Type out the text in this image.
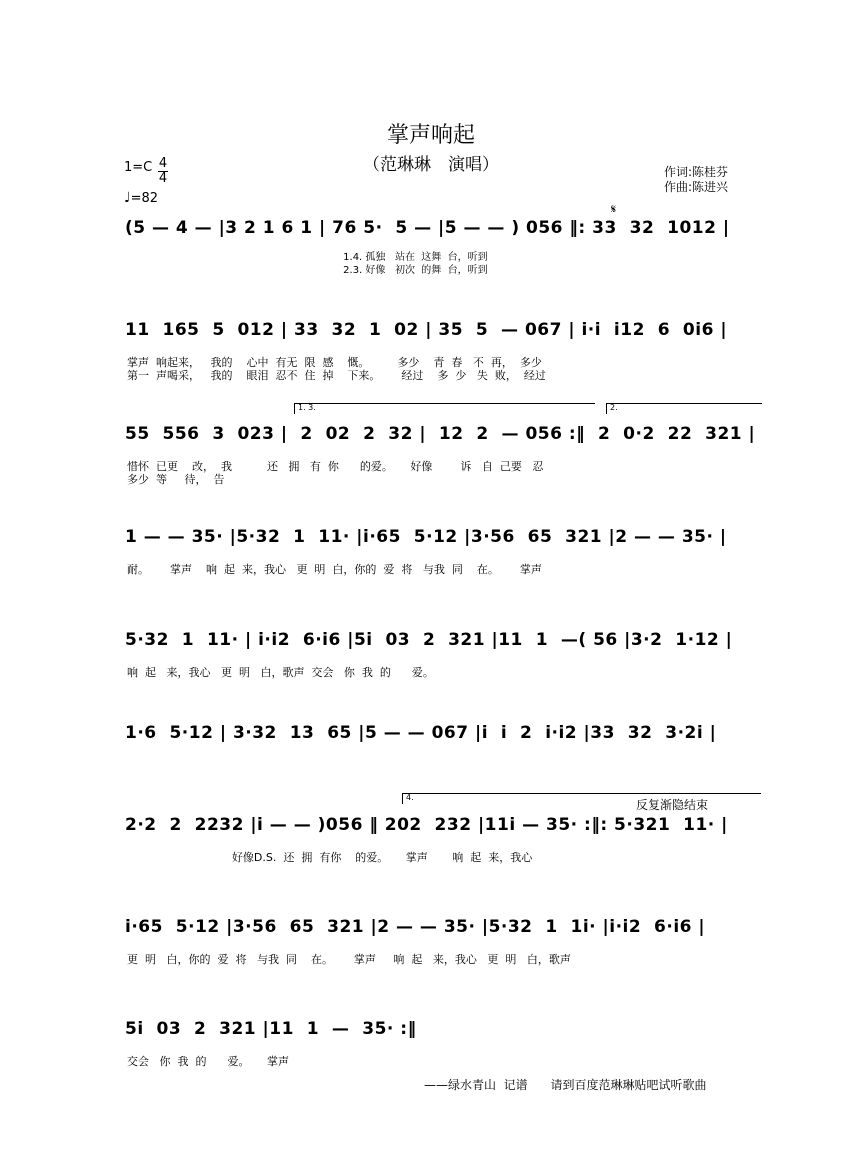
掌声响起
（范琳琳　演唱）
1=C 4
4
♩=82
作词:陈桂芬
作曲:陈进兴
𝄋
(5 — 4 — |3 2 1 6 1 | 76 5·  5 — |5 — — ) 056 ‖: 33  32  1012 |
1.4. 孤独   站在  这舞  台，听到
2.3. 好像   初次  的舞  台，听到
11  165  5  012 | 33  32  1  02 | 35  5  — 067 | i·i  i12  6  0i6 |
掌声  响起来，   我的    心中  有无  限  感    慨。        多少    青  春   不  再，  多少
第一  声喝采，   我的    眼泪  忍不  住  掉    下来。      经过    多  少   失  败，  经过
1. 3.	2.
55  556  3  023 |  2  02  2  32 |  12  2  — 056 :‖  2  0·2  22  321 |
惜怀  已更    改，  我          还   拥   有  你      的爱。     好像        诉   自  己要   忍
多少  等     待，  告
1 — — 35· |5·32  1  11· |i·65  5·12 |3·56  65  321 |2 — — 35· |
耐。      掌声    响  起  来，我心   更  明  白，你的  爱  将   与我  同    在。      掌声
5·32  1  11· | i·i2  6·i6 |5i  03  2  321 |11  1  —( 56 |3·2  1·12 |
响  起   来，我心   更  明   白，歌声  交会   你  我  的      爱。
1·6  5·12 | 3·32  13  65 |5 — — 067 |i  i  2  i·i2 |33  32  3·2i |
4.
反复渐隐结束
2·2  2  2232 |i — — )056 ‖ 202  232 |11i — 35· :‖: 5·321  11· |
好像D.S.  还  拥  有你    的爱。     掌声       响  起  来，我心
i·65  5·12 |3·56  65  321 |2 — — 35· |5·32  1  1i· |i·i2  6·i6 |
更  明   白，你的  爱  将   与我  同    在。      掌声     响  起   来，我心   更  明   白，歌声
5i  03  2  321 |11  1  —  35· :‖
交会   你  我  的      爱。     掌声
——绿水青山  记谱      请到百度范琳琳贴吧试听歌曲
